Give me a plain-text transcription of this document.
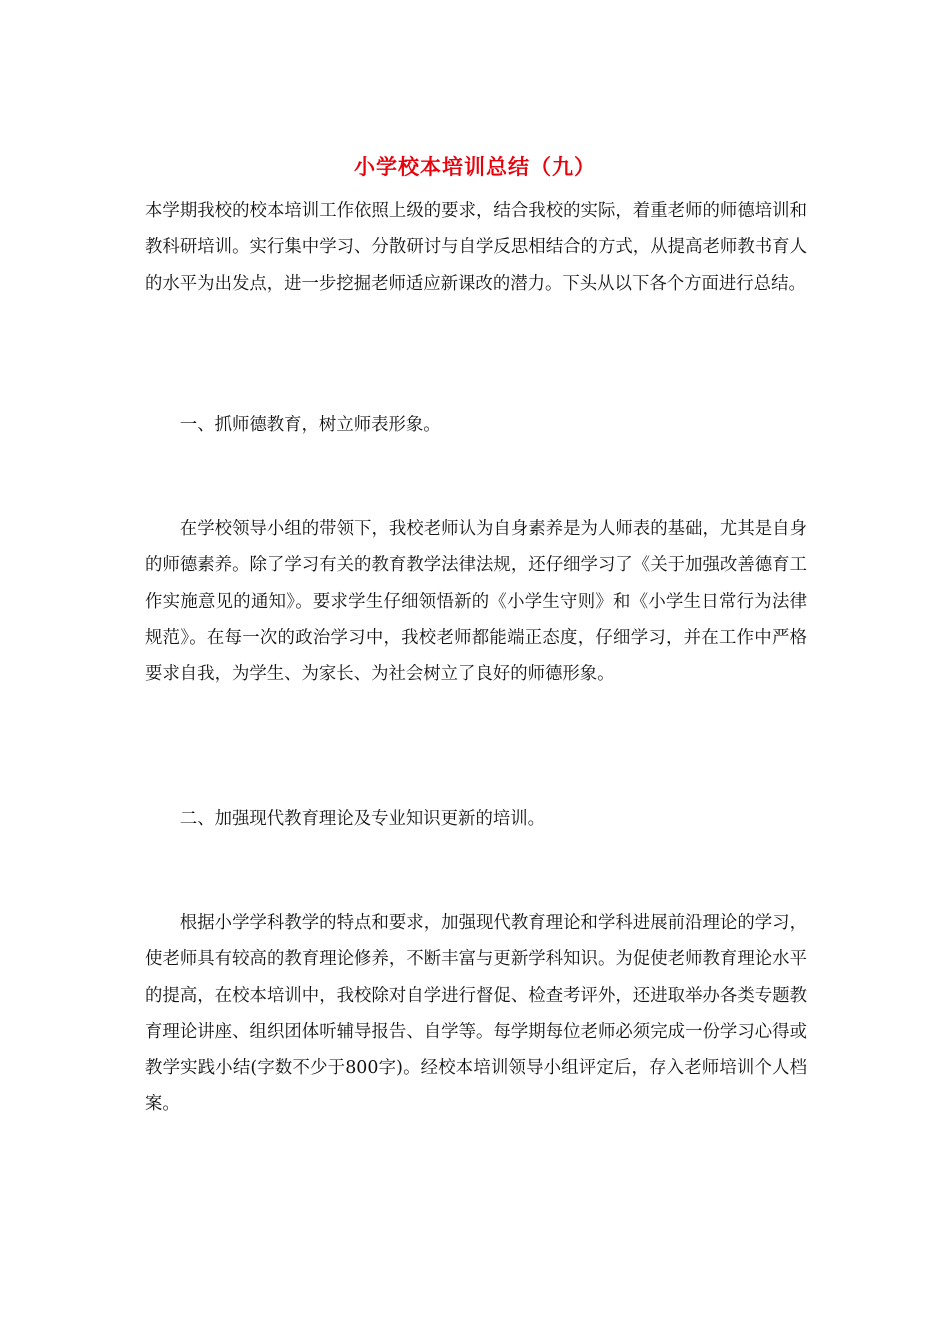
小学校本培训总结（九）

本学期我校的校本培训工作依照上级的要求，结合我校的实际，着重老师的师德培训和教科研培训。实行集中学习、分散研讨与自学反思相结合的方式，从提高老师教书育人的水平为出发点，进一步挖掘老师适应新课改的潜力。下头从以下各个方面进行总结。

一、抓师德教育，树立师表形象。

在学校领导小组的带领下，我校老师认为自身素养是为人师表的基础，尤其是自身的师德素养。除了学习有关的教育教学法律法规，还仔细学习了《关于加强改善德育工作实施意见的通知》。要求学生仔细领悟新的《小学生守则》和《小学生日常行为法律规范》。在每一次的政治学习中，我校老师都能端正态度，仔细学习，并在工作中严格要求自我，为学生、为家长、为社会树立了良好的师德形象。

二、加强现代教育理论及专业知识更新的培训。

根据小学学科教学的特点和要求，加强现代教育理论和学科进展前沿理论的学习，使老师具有较高的教育理论修养，不断丰富与更新学科知识。为促使老师教育理论水平的提高，在校本培训中，我校除对自学进行督促、检查考评外，还进取举办各类专题教育理论讲座、组织团体听辅导报告、自学等。每学期每位老师必须完成一份学习心得或教学实践小结(字数不少于800字)。经校本培训领导小组评定后，存入老师培训个人档案。
